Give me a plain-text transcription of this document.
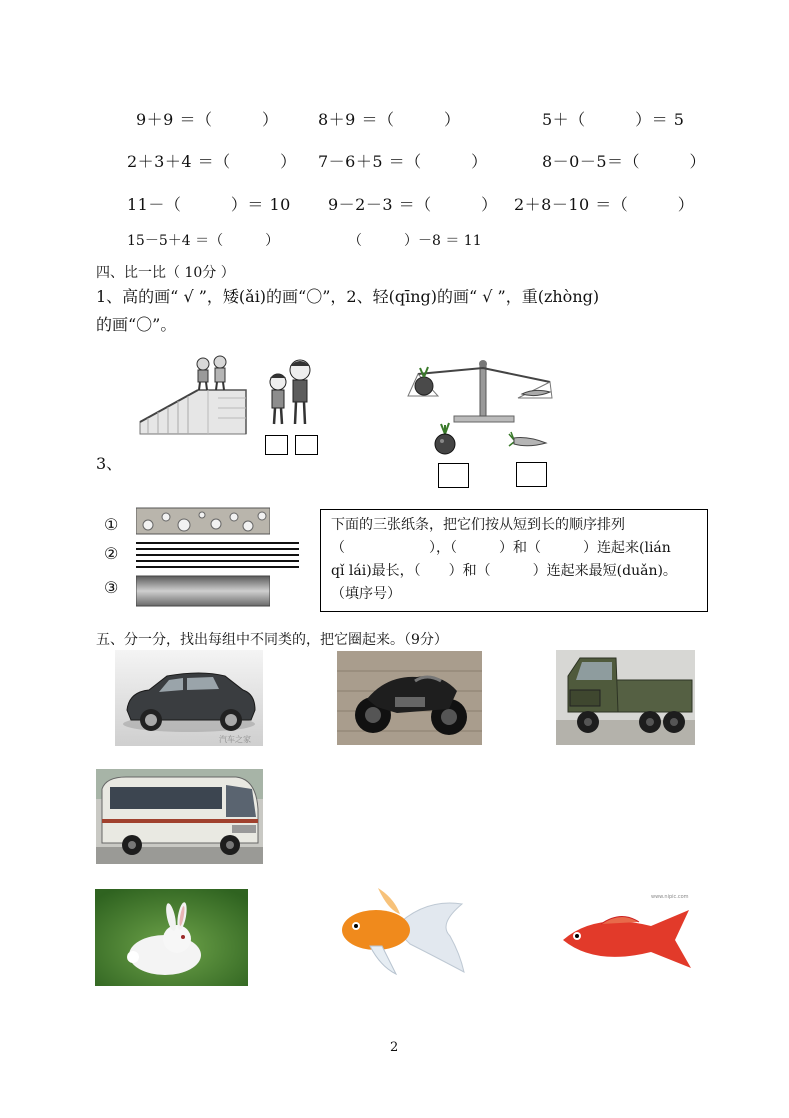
9＋9 ＝（　　　） 8＋9 ＝（　　　）	5＋（　　　）＝ 5
2＋3＋4 ＝（　　　） 7－6＋5 ＝（　　　）	8－0－5＝（　　　）
11－（　　　）＝ 10 9－2－3 ＝（　　　） 2＋8－10 ＝（　　　）
15－5＋4 ＝（　　　）	（　　　）－8 ＝ 11
四、比一比（ 10分 ）
1、高的画“ √ ”，矮(ǎi)的画“〇”，2、轻(qīng)的画“ √ ”，重(zhòng)
的画“〇”。
3、
①
②
③
下面的三张纸条，把它们按从短到长的顺序排列
（　　　　　　），（　　　）和（　　　）连起来(lián
qǐ lái)最长，（　　）和（　　　）连起来最短(duǎn)。
（填序号）
五、分一分，找出每组中不同类的，把它圈起来。（9分）
汽车之家
www.nipic.com
2
